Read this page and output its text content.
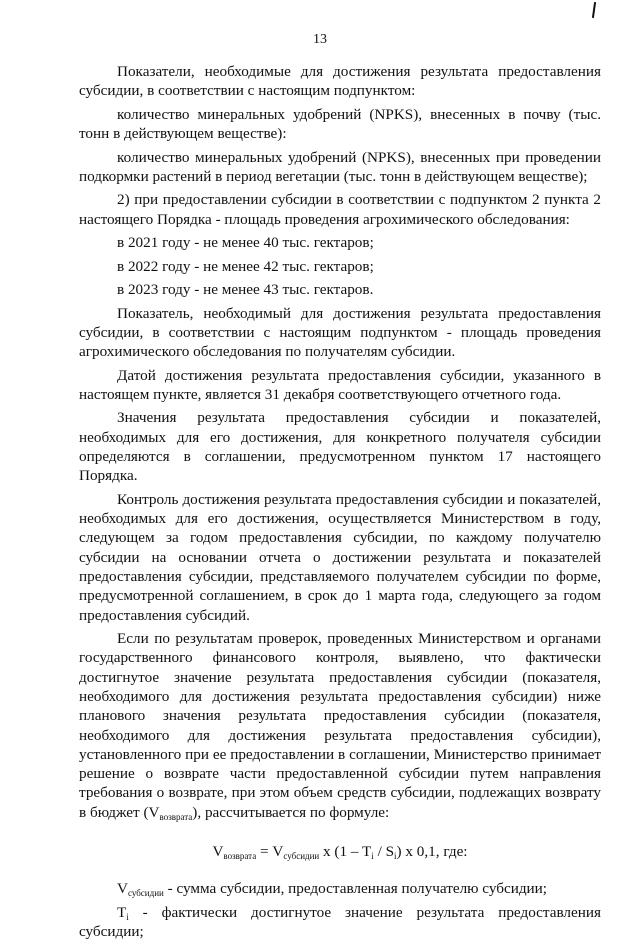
13

Показатели, необходимые для достижения результата предоставления субсидии, в соответствии с настоящим подпунктом:

количество минеральных удобрений (NPKS), внесенных в почву (тыс. тонн в действующем веществе):

количество минеральных удобрений (NPKS), внесенных при проведении подкормки растений в период вегетации (тыс. тонн в действующем веществе);

2) при предоставлении субсидии в соответствии с подпунктом 2 пункта 2 настоящего Порядка - площадь проведения агрохимического обследования:

в 2021 году - не менее 40 тыс. гектаров;

в 2022 году - не менее 42 тыс. гектаров;

в 2023 году - не менее 43 тыс. гектаров.

Показатель, необходимый для достижения результата предоставления субсидии, в соответствии с настоящим подпунктом - площадь проведения агрохимического обследования по получателям субсидии.

Датой достижения результата предоставления субсидии, указанного в настоящем пункте, является 31 декабря соответствующего отчетного года.

Значения результата предоставления субсидии и показателей, необходимых для его достижения, для конкретного получателя субсидии определяются в соглашении, предусмотренном пунктом 17 настоящего Порядка.

Контроль достижения результата предоставления субсидии и показателей, необходимых для его достижения, осуществляется Министерством в году, следующем за годом предоставления субсидии, по каждому получателю субсидии на основании отчета о достижении результата и показателей предоставления субсидии, представляемого получателем субсидии по форме, предусмотренной соглашением, в срок до 1 марта года, следующего за годом предоставления субсидий.

Если по результатам проверок, проведенных Министерством и органами государственного финансового контроля, выявлено, что фактически достигнутое значение результата предоставления субсидии (показателя, необходимого для достижения результата предоставления субсидии) ниже планового значения результата предоставления субсидии (показателя, необходимого для достижения результата предоставления субсидии), установленного при ее предоставлении в соглашении, Министерство принимает решение о возврате части предоставленной субсидии путем направления требования о возврате, при этом объем средств субсидии, подлежащих возврату в бюджет $(V_{возврата})$, рассчитывается по формуле:

$V_{возврата} = V_{субсидии}$ x $(1 - T_i / S_i)$ x 0,1, где:

$V_{субсидии}$ - сумма субсидии, предоставленная получателю субсидии;

$T_i$ - фактически достигнутое значение результата предоставления субсидии;
